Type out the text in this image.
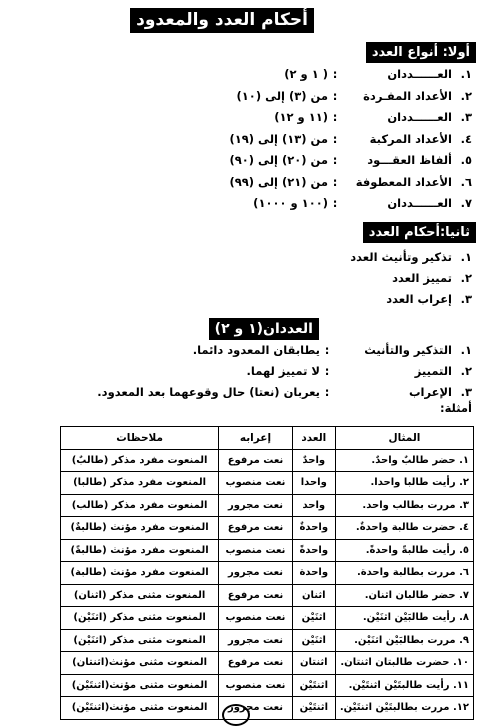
أحكام العدد والمعدود
أولا: أنواع العدد
١.
العــــــددان
:
( ١ و ٢)
٢.
الأعداد المفـردة
:
من (٣) إلى (١٠)
٣.
العــــــددان
:
(١١ و ١٢)
٤.
الأعداد المركبة
:
من (١٣) إلى (١٩)
٥.
ألفاظ العقـــود
:
من (٢٠) إلى (٩٠)
٦.
الأعداد المعطوفة
:
من (٢١) إلى (٩٩)
٧.
العــــــددان
:
(١٠٠ و ١٠٠٠)
ثانيا:أحكام العدد
١.
تذكير وتأنيث العدد
٢.
تمييز العدد
٣.
إعراب العدد
العددان(١ و ٢)
١.
التذكير والتأنيث
:
يطابقان المعدود دائما.
٢.
التمييز
:
لا تمييز لهما.
٣.
الإعراب
:
يعربان (نعتا) حال وقوعهما بعد المعدود.
أمثلة:
المثال	العدد	إعرابه	ملاحظات
١. حضر طالبٌ واحدٌ.	واحدٌ	نعت مرفوع	المنعوت مفرد مذكر (طالبٌ)
٢. رأيت طالبا واحدا.	واحدا	نعت منصوب	المنعوت مفرد مذكر (طالبا)
٣. مررت بطالب واحد.	واحد	نعت مجرور	المنعوت مفرد مذكر (طالب)
٤. حضرت طالبة واحدةٌ.	واحدةٌ	نعت مرفوع	المنعوت مفرد مؤنث (طالبةٌ)
٥. رأيت طالبةً واحدةً.	واحدةً	نعت منصوب	المنعوت مفرد مؤنث (طالبةً)
٦. مررت بطالبة واحدة.	واحدة	نعت مجرور	المنعوت مفرد مؤنث (طالبة)
٧. حضر طالبان اثنان.	اثنان	نعت مرفوع	المنعوت مثنى مذكر (اثنان)
٨. رأيت طالبَيْن اثنَيْن.	اثنَيْن	نعت منصوب	المنعوت مثنى مذكر (اثنَيْن)
٩. مررت بطالبَيْن اثنَيْن.	اثنَيْن	نعت مجرور	المنعوت مثنى مذكر (اثنَيْن)
١٠. حضرت طالبتان اثنتان.	اثنتان	نعت مرفوع	المنعوت مثنى مؤنث(اثنتان)
١١. رأيت طالبتَيْن اثنتَيْن.	اثنتَيْن	نعت منصوب	المنعوت مثنى مؤنث(اثنتَيْن)
١٢. مررت بطالبتَيْن اثنتَيْن.	اثنتَيْن	نعت مجرور	المنعوت مثنى مؤنث(اثنتَيْن)
